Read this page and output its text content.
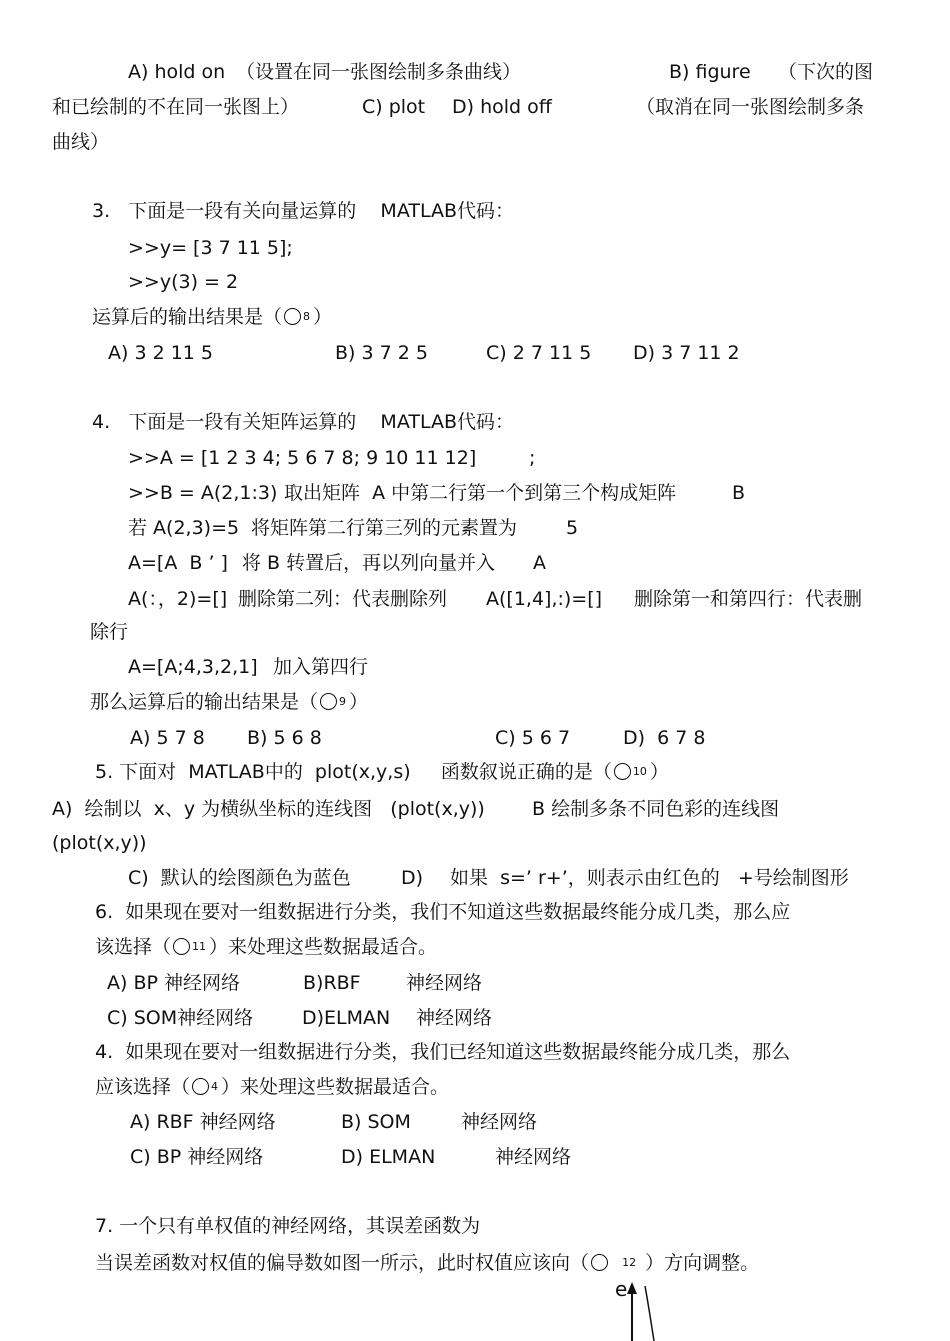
A) hold on （设置在同一张图绘制多条曲线）	B) figure （下次的图
和已绘制的不在同一张图上）	C) plot D) hold off	（取消在同一张图绘制多条
曲线）
3.   下面是一段有关向量运算的 MATLAB代码：
>>y= [3 7 11 5];
>>y(3) = 2
运算后的输出结果是（ $^8$ ）
A) 3 2 11 5	B) 3 7 2 5	C) 2 7 11 5 D) 3 7 11 2
4.   下面是一段有关矩阵运算的 MATLAB代码：
>>A = [1 2 3 4; 5 6 7 8; 9 10 11 12]	;
>>B = A(2,1:3) 取出矩阵  A 中第二行第一个到第三个构成矩阵	B
若 A(2,3)=5 将矩阵第二行第三列的元素置为	5
A=[A  B ’ ] 将 B 转置后，再以列向量并入 A
A(：，2)=[] 删除第二列：代表删除列 A([1,4],:)=[] 删除第一和第四行：代表删
除行
A=[A;4,3,2,1] 加入第四行
那么运算后的输出结果是（ $^9$ ）
A) 5 7 8 B) 5 6 8	C) 5 6 7	D)  6 7 8
5. 下面对 MATLAB中的  plot(x,y,s) 函数叙说正确的是（ $^{10}$ ）
A)  绘制以  x、y 为横纵坐标的连线图   (plot(x,y)) B 绘制多条不同色彩的连线图
(plot(x,y))
C)  默认的绘图颜色为蓝色	D) 如果  s=’ r+’，则表示由红色的   +号绘制图形
6.  如果现在要对一组数据进行分类，我们不知道这些数据最终能分成几类，那么应
该选择（ $^{11}$ ）来处理这些数据最适合。
A) BP 神经网络	B)RBF 神经网络
C) SOM神经网络	D)ELMAN 神经网络
4.  如果现在要对一组数据进行分类，我们已经知道这些数据最终能分成几类，那么
应该选择（ $^4$ ）来处理这些数据最适合。
A) RBF 神经网络	B) SOM	神经网络
C) BP 神经网络	D) ELMAN	神经网络
7. 一个只有单权值的神经网络，其误差函数为
当误差函数对权值的偏导数如图一所示，此时权值应该向（	$^{12}$ ）方向调整。
e
